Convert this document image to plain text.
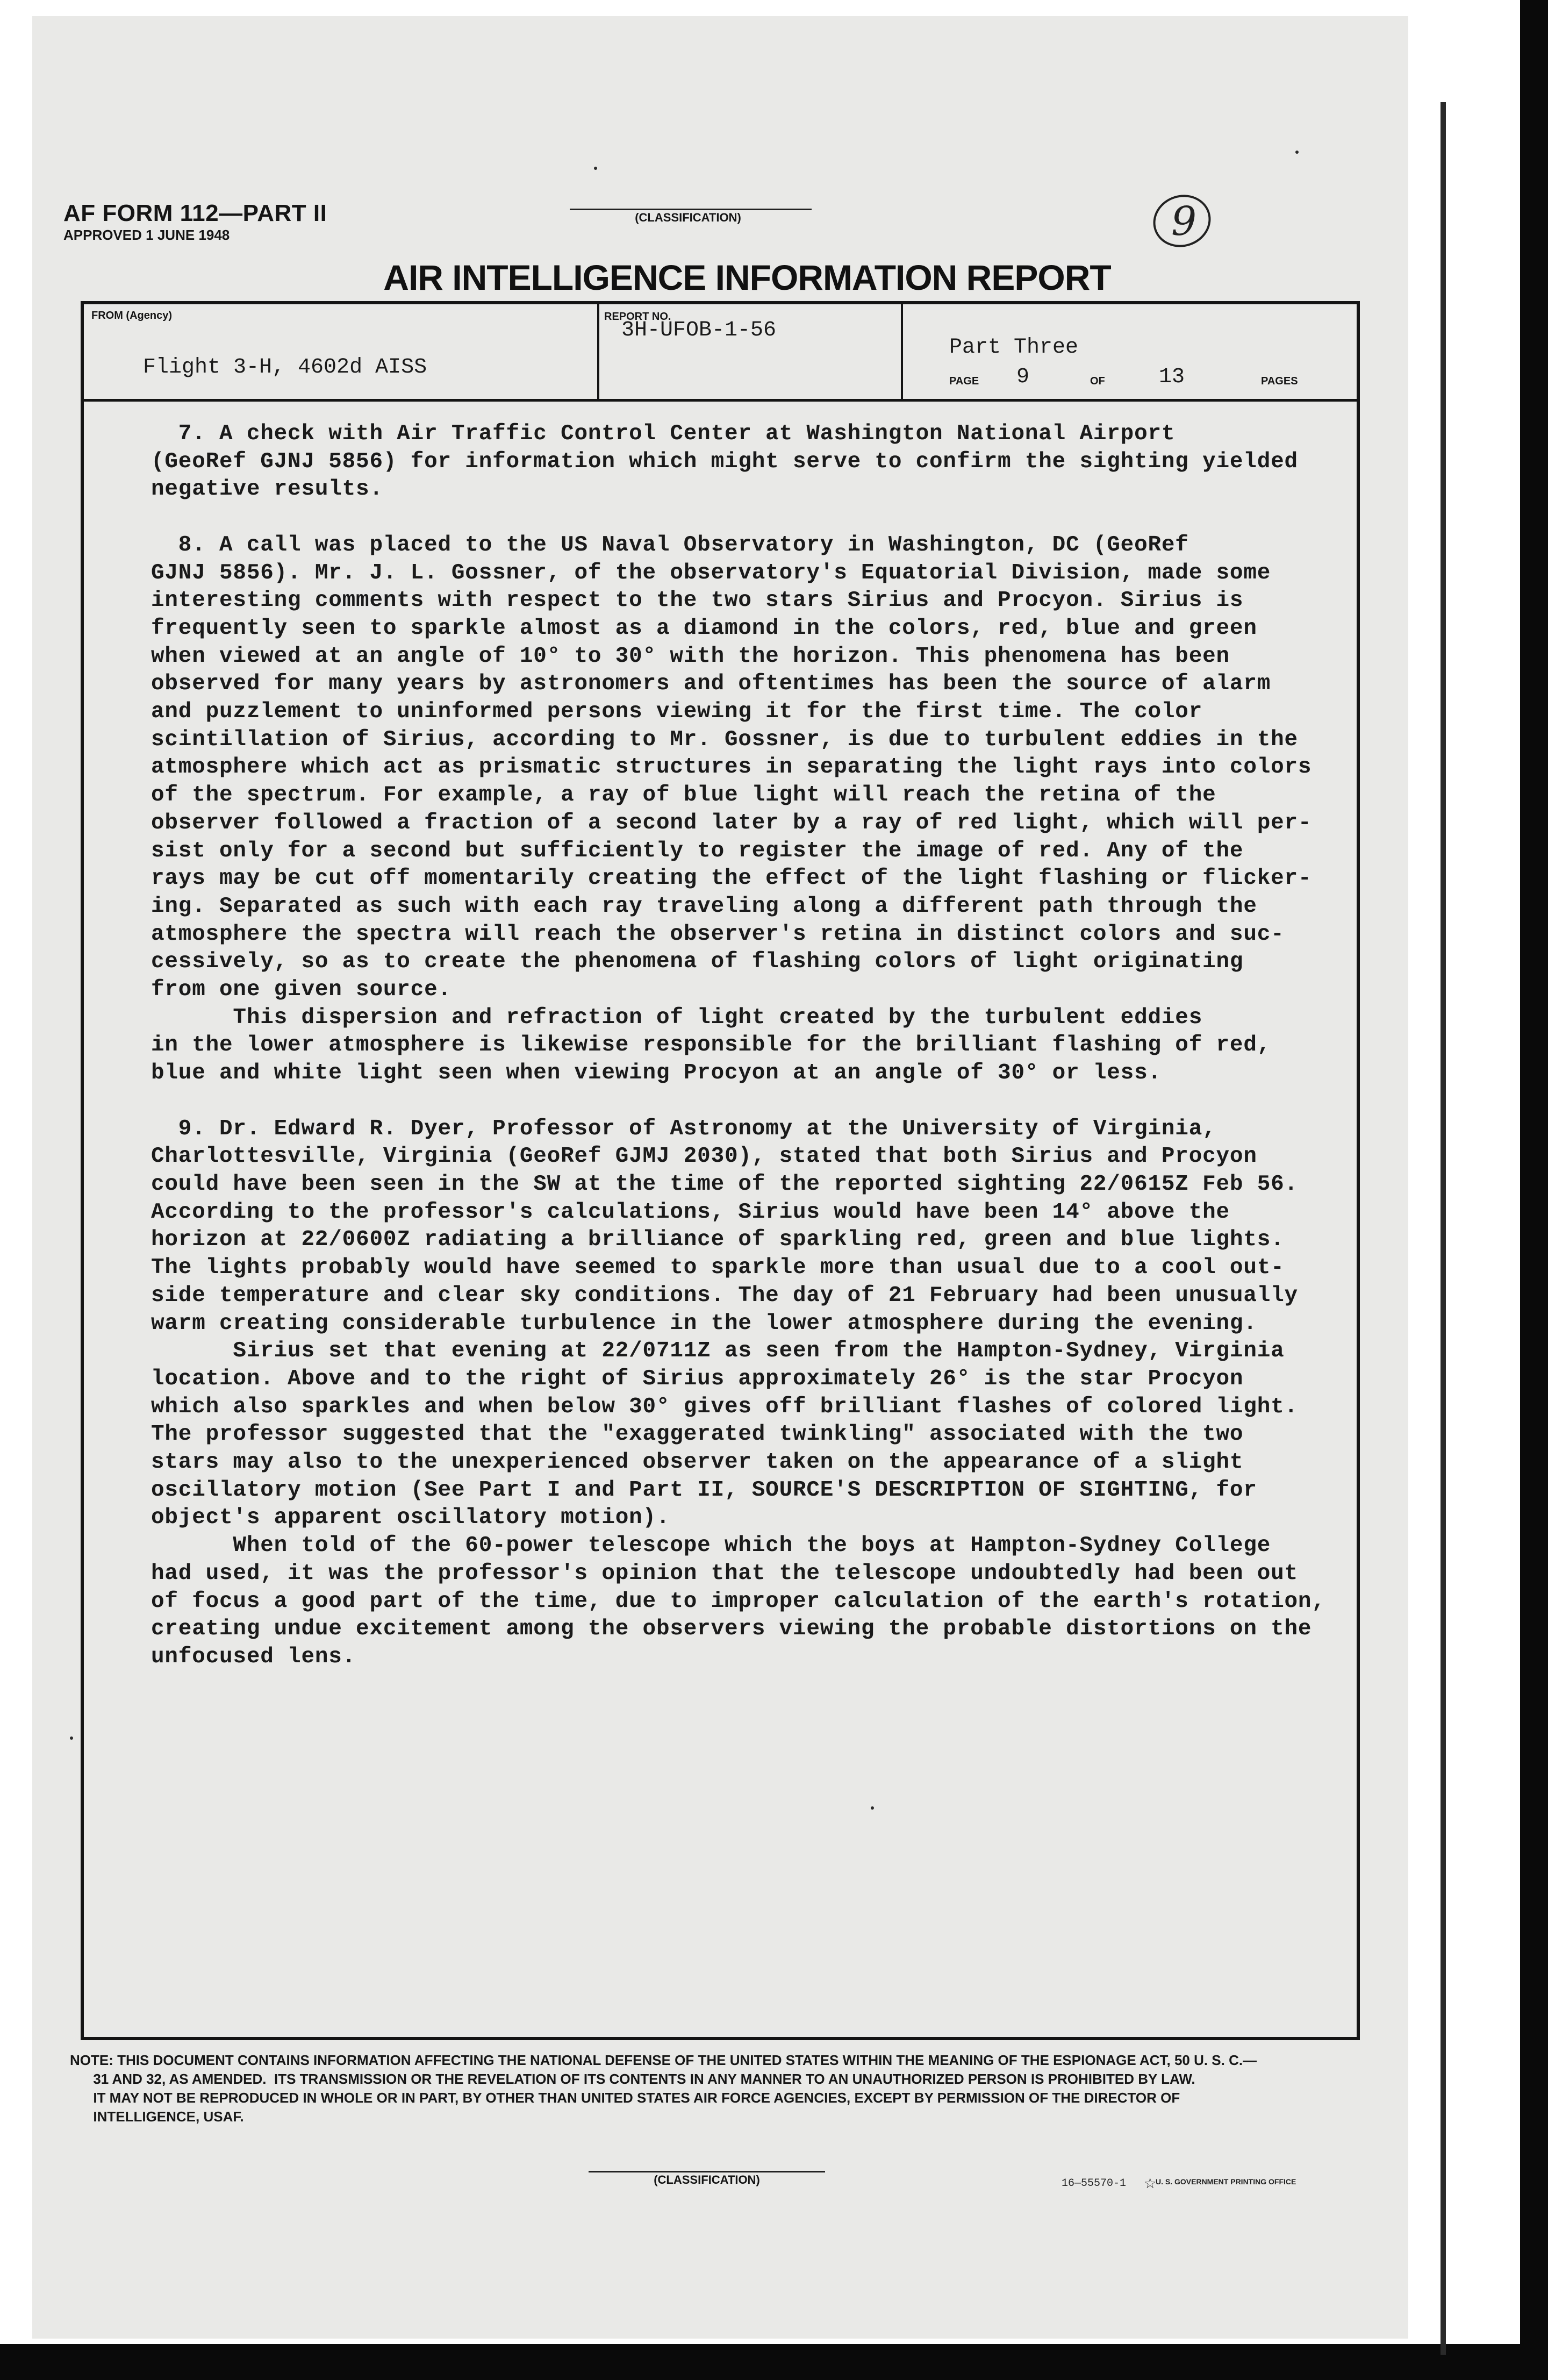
AF FORM 112—PART II
APPROVED 1 JUNE 1948
(CLASSIFICATION)	9
AIR INTELLIGENCE INFORMATION REPORT
FROM (Agency)
Flight 3-H, 4602d AISS
REPORT NO.
3H-UFOB-1-56
Part Three
PAGE 9	OF	13	PAGES
7. A check with Air Traffic Control Center at Washington National Airport
(GeoRef GJNJ 5856) for information which might serve to confirm the sighting yielded
negative results.

8. A call was placed to the US Naval Observatory in Washington, DC (GeoRef
GJNJ 5856). Mr. J. L. Gossner, of the observatory's Equatorial Division, made some
interesting comments with respect to the two stars Sirius and Procyon. Sirius is
frequently seen to sparkle almost as a diamond in the colors, red, blue and green
when viewed at an angle of 10° to 30° with the horizon. This phenomena has been
observed for many years by astronomers and oftentimes has been the source of alarm
and puzzlement to uninformed persons viewing it for the first time. The color
scintillation of Sirius, according to Mr. Gossner, is due to turbulent eddies in the
atmosphere which act as prismatic structures in separating the light rays into colors
of the spectrum. For example, a ray of blue light will reach the retina of the
observer followed a fraction of a second later by a ray of red light, which will per-
sist only for a second but sufficiently to register the image of red. Any of the
rays may be cut off momentarily creating the effect of the light flashing or flicker-
ing. Separated as such with each ray traveling along a different path through the
atmosphere the spectra will reach the observer's retina in distinct colors and suc-
cessively, so as to create the phenomena of flashing colors of light originating
from one given source.
This dispersion and refraction of light created by the turbulent eddies
in the lower atmosphere is likewise responsible for the brilliant flashing of red,
blue and white light seen when viewing Procyon at an angle of 30° or less.

9. Dr. Edward R. Dyer, Professor of Astronomy at the University of Virginia,
Charlottesville, Virginia (GeoRef GJMJ 2030), stated that both Sirius and Procyon
could have been seen in the SW at the time of the reported sighting 22/0615Z Feb 56.
According to the professor's calculations, Sirius would have been 14° above the
horizon at 22/0600Z radiating a brilliance of sparkling red, green and blue lights.
The lights probably would have seemed to sparkle more than usual due to a cool out-
side temperature and clear sky conditions. The day of 21 February had been unusually
warm creating considerable turbulence in the lower atmosphere during the evening.
Sirius set that evening at 22/0711Z as seen from the Hampton-Sydney, Virginia
location. Above and to the right of Sirius approximately 26° is the star Procyon
which also sparkles and when below 30° gives off brilliant flashes of colored light.
The professor suggested that the "exaggerated twinkling" associated with the two
stars may also to the unexperienced observer taken on the appearance of a slight
oscillatory motion (See Part I and Part II, SOURCE'S DESCRIPTION OF SIGHTING, for
object's apparent oscillatory motion).
When told of the 60-power telescope which the boys at Hampton-Sydney College
had used, it was the professor's opinion that the telescope undoubtedly had been out
of focus a good part of the time, due to improper calculation of the earth's rotation,
creating undue excitement among the observers viewing the probable distortions on the
unfocused lens.
NOTE: THIS DOCUMENT CONTAINS INFORMATION AFFECTING THE NATIONAL DEFENSE OF THE UNITED STATES WITHIN THE MEANING OF THE ESPIONAGE ACT, 50 U. S. C.—
31 AND 32, AS AMENDED.  ITS TRANSMISSION OR THE REVELATION OF ITS CONTENTS IN ANY MANNER TO AN UNAUTHORIZED PERSON IS PROHIBITED BY LAW.
IT MAY NOT BE REPRODUCED IN WHOLE OR IN PART, BY OTHER THAN UNITED STATES AIR FORCE AGENCIES, EXCEPT BY PERMISSION OF THE DIRECTOR OF
INTELLIGENCE, USAF.
(CLASSIFICATION)	16—55570-1 ☆
U. S. GOVERNMENT PRINTING OFFICE
